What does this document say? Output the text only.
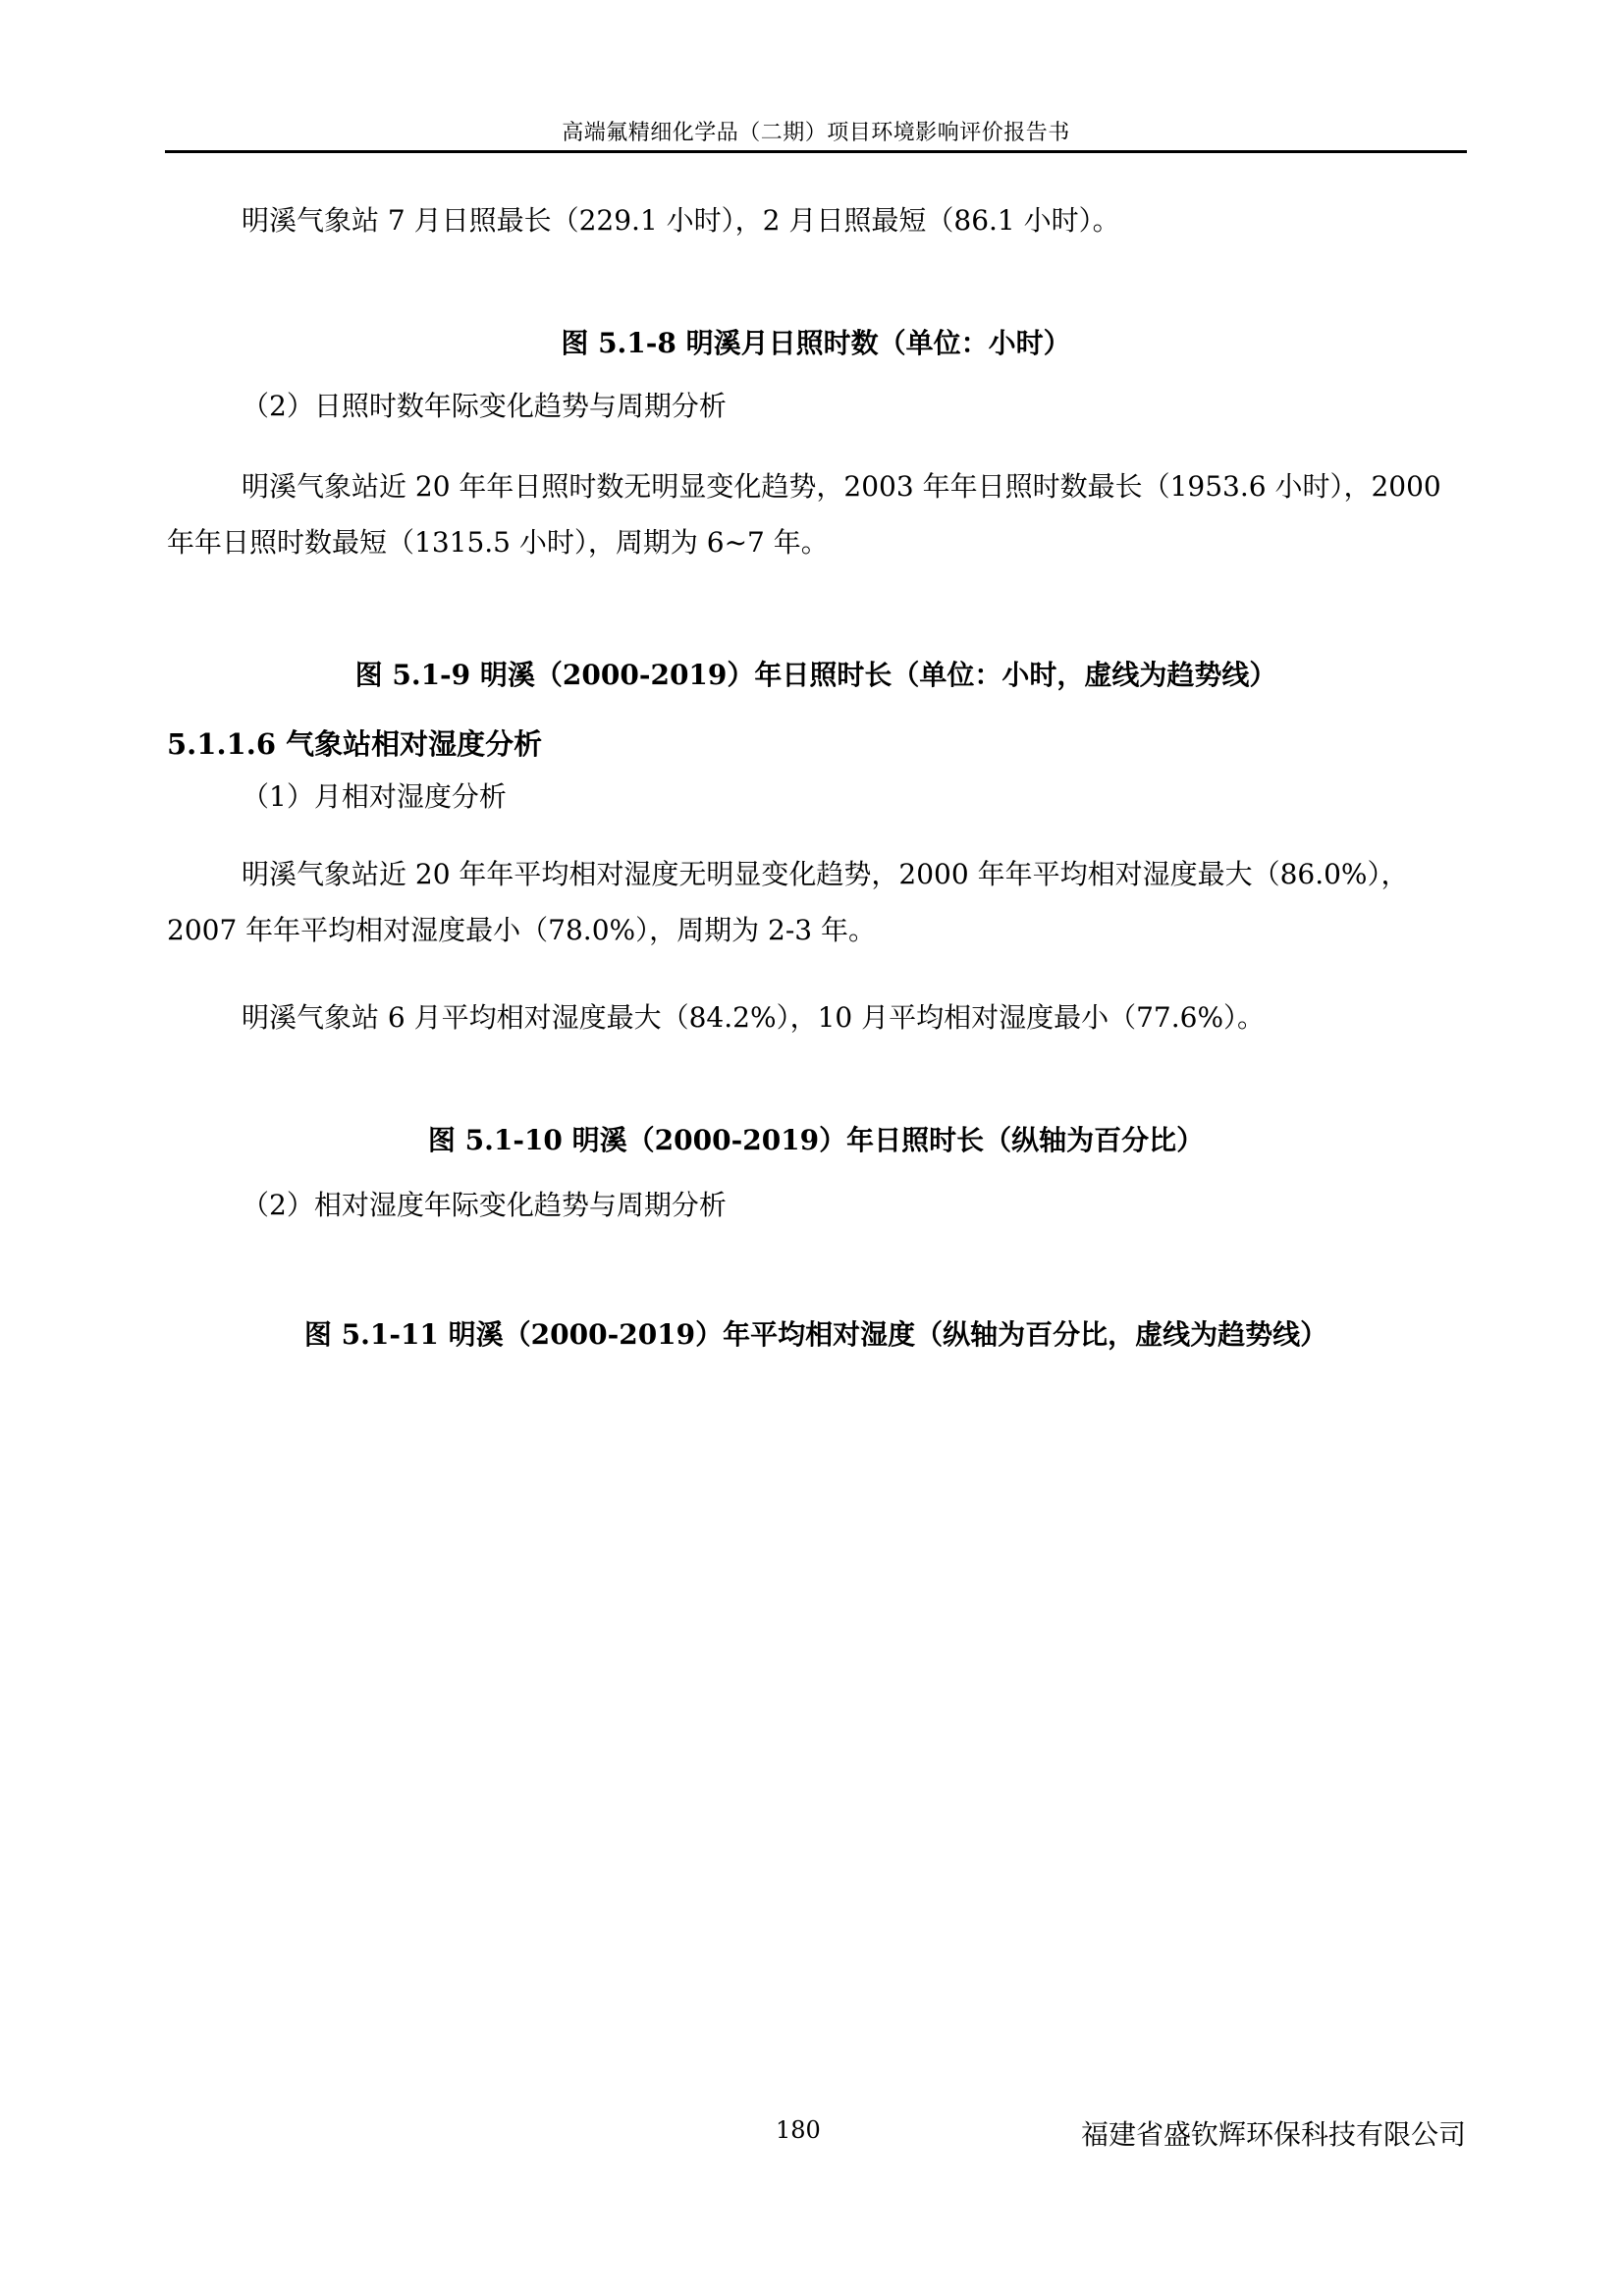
高端氟精细化学品（二期）项目环境影响评价报告书

明溪气象站 7 月日照最长（229.1 小时），2 月日照最短（86.1 小时）。

图 5.1-8 明溪月日照时数（单位：小时）

（2）日照时数年际变化趋势与周期分析

明溪气象站近 20 年年日照时数无明显变化趋势，2003 年年日照时数最长（1953.6 小时），2000 年年日照时数最短（1315.5 小时），周期为 6~7 年。

图 5.1-9 明溪（2000-2019）年日照时长（单位：小时，虚线为趋势线）

5.1.1.6 气象站相对湿度分析

（1）月相对湿度分析

明溪气象站近 20 年年平均相对湿度无明显变化趋势，2000 年年平均相对湿度最大（86.0%），2007 年年平均相对湿度最小（78.0%），周期为 2-3 年。

明溪气象站 6 月平均相对湿度最大（84.2%），10 月平均相对湿度最小（77.6%）。

图 5.1-10 明溪（2000-2019）年日照时长（纵轴为百分比）

（2）相对湿度年际变化趋势与周期分析

图 5.1-11 明溪（2000-2019）年平均相对湿度（纵轴为百分比，虚线为趋势线）

180	福建省盛钦辉环保科技有限公司
